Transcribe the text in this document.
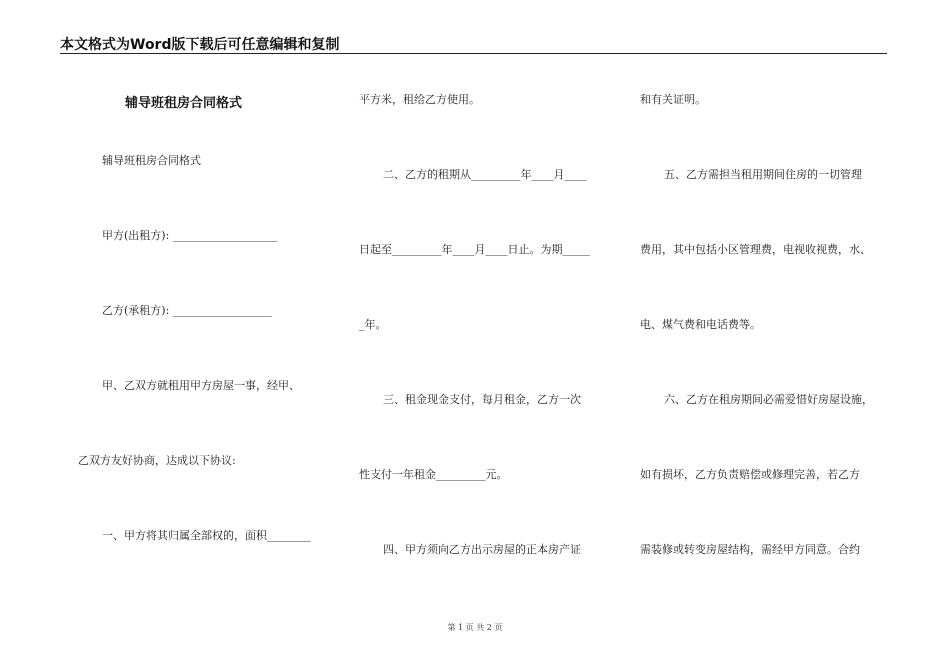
本文格式为Word版下载后可任意编辑和复制
辅导班租房合同格式
辅导班租房合同格式
甲方(出租方): ___________________
乙方(承租方): __________________
甲、乙双方就租用甲方房屋一事，经甲、
乙双方友好协商，达成以下协议:
一、甲方将其归属全部权的，面积________
平方米，租给乙方使用。
二、乙方的租期从_________年____月____
日起至_________年____月____日止。为期_____
_年。
三、租金现金支付，每月租金，乙方一次
性支付一年租金_________元。
四、甲方须向乙方出示房屋的正本房产证
和有关证明。
五、乙方需担当租用期间住房的一切管理
费用，其中包括小区管理费，电视收视费，水、
电、煤气费和电话费等。
六、乙方在租房期间必需爱惜好房屋设施，
如有损坏，乙方负责赔偿或修理完善，若乙方
需装修或转变房屋结构，需经甲方同意。合约
第 1 页 共 2 页
